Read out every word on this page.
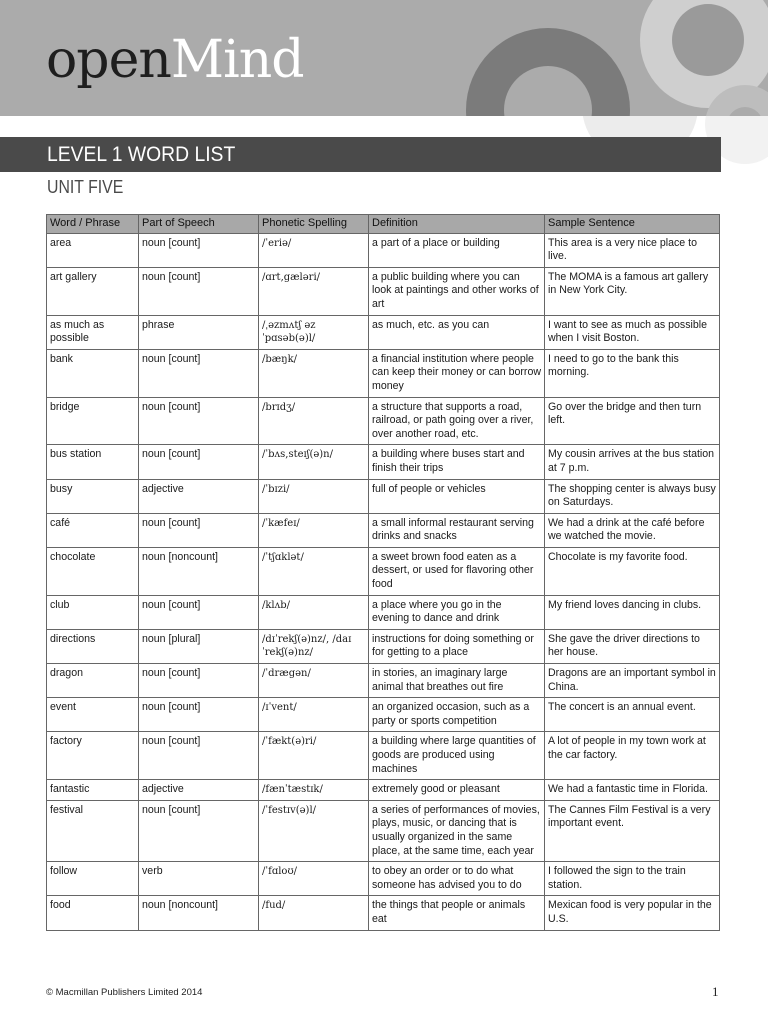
openMind
LEVEL 1 WORD LIST
UNIT FIVE
Word / Phrase	Part of Speech	Phonetic Spelling	Definition	Sample Sentence
area	noun [count]	/ˈeriə/	a part of a place or building	This area is a very nice place to live.
art gallery	noun [count]	/ɑrt,gæləri/	a public building where you can look at paintings and other works of art	The MOMA is a famous art gallery in New York City.
as much as possible	phrase	/ˌəzmʌtʃ əzˈpɑsəb(ə)l/	as much, etc. as you can	I want to see as much as possible when I visit Boston.
bank	noun [count]	/bæŋk/	a financial institution where people can keep their money or can borrow money	I need to go to the bank this morning.
bridge	noun [count]	/brɪdʒ/	a structure that supports a road, railroad, or path going over a river, over another road, etc.	Go over the bridge and then turn left.
bus station	noun [count]	/ˈbʌs,steɪʃ(ə)n/	a building where buses start and finish their trips	My cousin arrives at the bus station at 7 p.m.
busy	adjective	/ˈbɪzi/	full of people or vehicles	The shopping center is always busy on Saturdays.
café	noun [count]	/ˈkæfeɪ/	a small informal restaurant serving drinks and snacks	We had a drink at the café before we watched the movie.
chocolate	noun [noncount]	/ˈtʃɑklət/	a sweet brown food eaten as a dessert, or used for flavoring other food	Chocolate is my favorite food.
club	noun [count]	/klʌb/	a place where you go in the evening to dance and drink	My friend loves dancing in clubs.
directions	noun [plural]	/dɪˈrekʃ(ə)nz/, /daɪˈrekʃ(ə)nz/	instructions for doing something or for getting to a place	She gave the driver directions to her house.
dragon	noun [count]	/ˈdrægən/	in stories, an imaginary large animal that breathes out fire	Dragons are an important symbol in China.
event	noun [count]	/ɪˈvent/	an organized occasion, such as a party or sports competition	The concert is an annual event.
factory	noun [count]	/ˈfækt(ə)ri/	a building where large quantities of goods are produced using machines	A lot of people in my town work at the car factory.
fantastic	adjective	/fænˈtæstɪk/	extremely good or pleasant	We had a fantastic time in Florida.
festival	noun [count]	/ˈfestɪv(ə)l/	a series of performances of movies, plays, music, or dancing that is usually organized in the same place, at the same time, each year	The Cannes Film Festival is a very important event.
follow	verb	/ˈfɑloʊ/	to obey an order or to do what someone has advised you to do	I followed the sign to the train station.
food	noun [noncount]	/fud/	the things that people or animals eat	Mexican food is very popular in the U.S.
© Macmillan Publishers Limited 2014	1
